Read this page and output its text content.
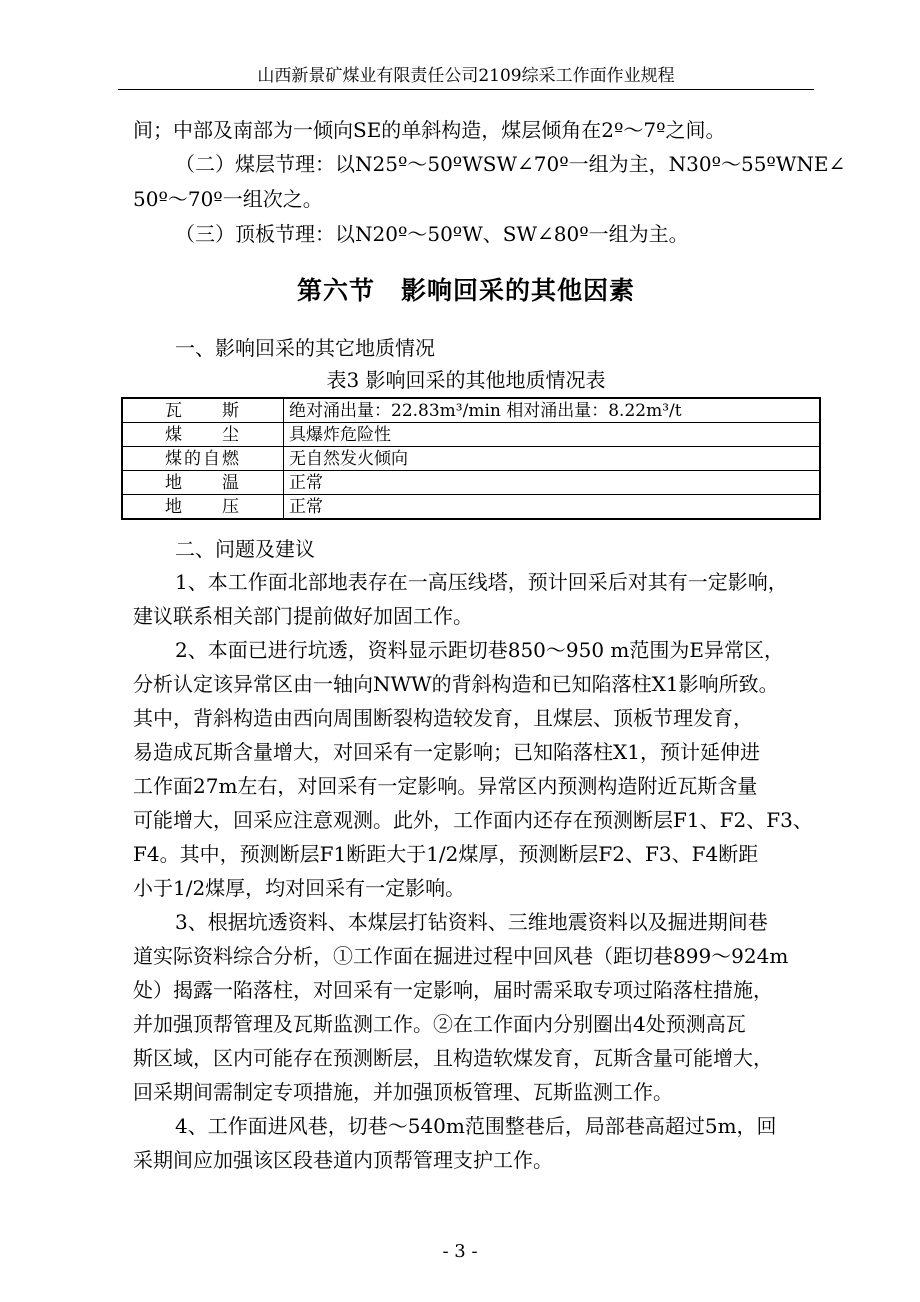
山西新景矿煤业有限责任公司2109综采工作面作业规程
间；中部及南部为一倾向SE的单斜构造，煤层倾角在2º～7º之间。
（二）煤层节理：以N25º～50ºWSW∠70º一组为主，N30º～55ºWNE∠
50º～70º一组次之。
（三）顶板节理：以N20º～50ºW、SW∠80º一组为主。
第六节　影响回采的其他因素
一、影响回采的其它地质情况
表3 影响回采的其他地质情况表
瓦　　斯	绝对涌出量：22.83m³/min 相对涌出量：8.22m³/t
煤　　尘	具爆炸危险性
煤的自燃	无自然发火倾向
地　　温	正常
地　　压	正常
二、问题及建议
1、本工作面北部地表存在一高压线塔，预计回采后对其有一定影响，
建议联系相关部门提前做好加固工作。
2、本面已进行坑透，资料显示距切巷850～950 m范围为E异常区，
分析认定该异常区由一轴向NWW的背斜构造和已知陷落柱X1影响所致。
其中，背斜构造由西向周围断裂构造较发育，且煤层、顶板节理发育，
易造成瓦斯含量增大，对回采有一定影响；已知陷落柱X1，预计延伸进
工作面27m左右，对回采有一定影响。异常区内预测构造附近瓦斯含量
可能增大，回采应注意观测。此外，工作面内还存在预测断层F1、F2、F3、
F4。其中，预测断层F1断距大于1/2煤厚，预测断层F2、F3、F4断距
小于1/2煤厚，均对回采有一定影响。
3、根据坑透资料、本煤层打钻资料、三维地震资料以及掘进期间巷
道实际资料综合分析，①工作面在掘进过程中回风巷（距切巷899～924m
处）揭露一陷落柱，对回采有一定影响，届时需采取专项过陷落柱措施，
并加强顶帮管理及瓦斯监测工作。②在工作面内分别圈出4处预测高瓦
斯区域，区内可能存在预测断层，且构造软煤发育，瓦斯含量可能增大，
回采期间需制定专项措施，并加强顶板管理、瓦斯监测工作。
4、工作面进风巷，切巷～540m范围整巷后，局部巷高超过5m，回
采期间应加强该区段巷道内顶帮管理支护工作。
- 3 -
